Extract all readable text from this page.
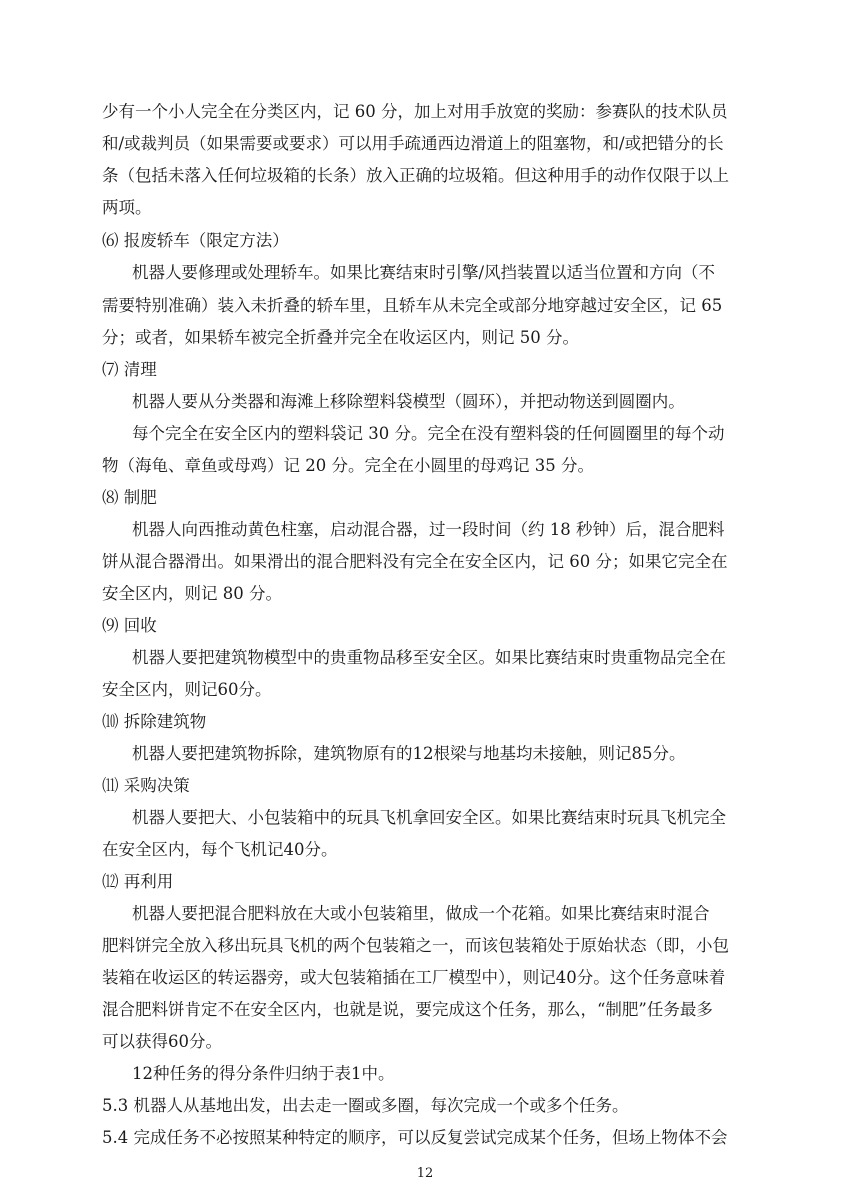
少有一个小人完全在分类区内，记 60 分，加上对用手放宽的奖励：参赛队的技术队员
和/或裁判员（如果需要或要求）可以用手疏通西边滑道上的阻塞物，和/或把错分的长
条（包括未落入任何垃圾箱的长条）放入正确的垃圾箱。但这种用手的动作仅限于以上
两项。
⑹ 报废轿车（限定方法）
机器人要修理或处理轿车。如果比赛结束时引擎/风挡装置以适当位置和方向（不
需要特别准确）装入未折叠的轿车里，且轿车从未完全或部分地穿越过安全区，记 65
分；或者，如果轿车被完全折叠并完全在收运区内，则记 50 分。
⑺ 清理
机器人要从分类器和海滩上移除塑料袋模型（圆环），并把动物送到圆圈内。
每个完全在安全区内的塑料袋记 30 分。完全在没有塑料袋的任何圆圈里的每个动
物（海龟、章鱼或母鸡）记 20 分。完全在小圆里的母鸡记 35 分。
⑻ 制肥
机器人向西推动黄色柱塞，启动混合器，过一段时间（约 18 秒钟）后，混合肥料
饼从混合器滑出。如果滑出的混合肥料没有完全在安全区内，记 60 分；如果它完全在
安全区内，则记 80 分。
⑼ 回收
机器人要把建筑物模型中的贵重物品移至安全区。如果比赛结束时贵重物品完全在
安全区内，则记60分。
⑽ 拆除建筑物
机器人要把建筑物拆除，建筑物原有的12根梁与地基均未接触，则记85分。
⑾ 采购决策
机器人要把大、小包装箱中的玩具飞机拿回安全区。如果比赛结束时玩具飞机完全
在安全区内，每个飞机记40分。
⑿ 再利用
机器人要把混合肥料放在大或小包装箱里，做成一个花箱。如果比赛结束时混合
肥料饼完全放入移出玩具飞机的两个包装箱之一，而该包装箱处于原始状态（即，小包
装箱在收运区的转运器旁，或大包装箱插在工厂模型中），则记40分。这个任务意味着
混合肥料饼肯定不在安全区内，也就是说，要完成这个任务，那么，“制肥”任务最多
可以获得60分。
12种任务的得分条件归纳于表1中。
5.3 机器人从基地出发，出去走一圈或多圈，每次完成一个或多个任务。
5.4 完成任务不必按照某种特定的顺序，可以反复尝试完成某个任务，但场上物体不会
12
